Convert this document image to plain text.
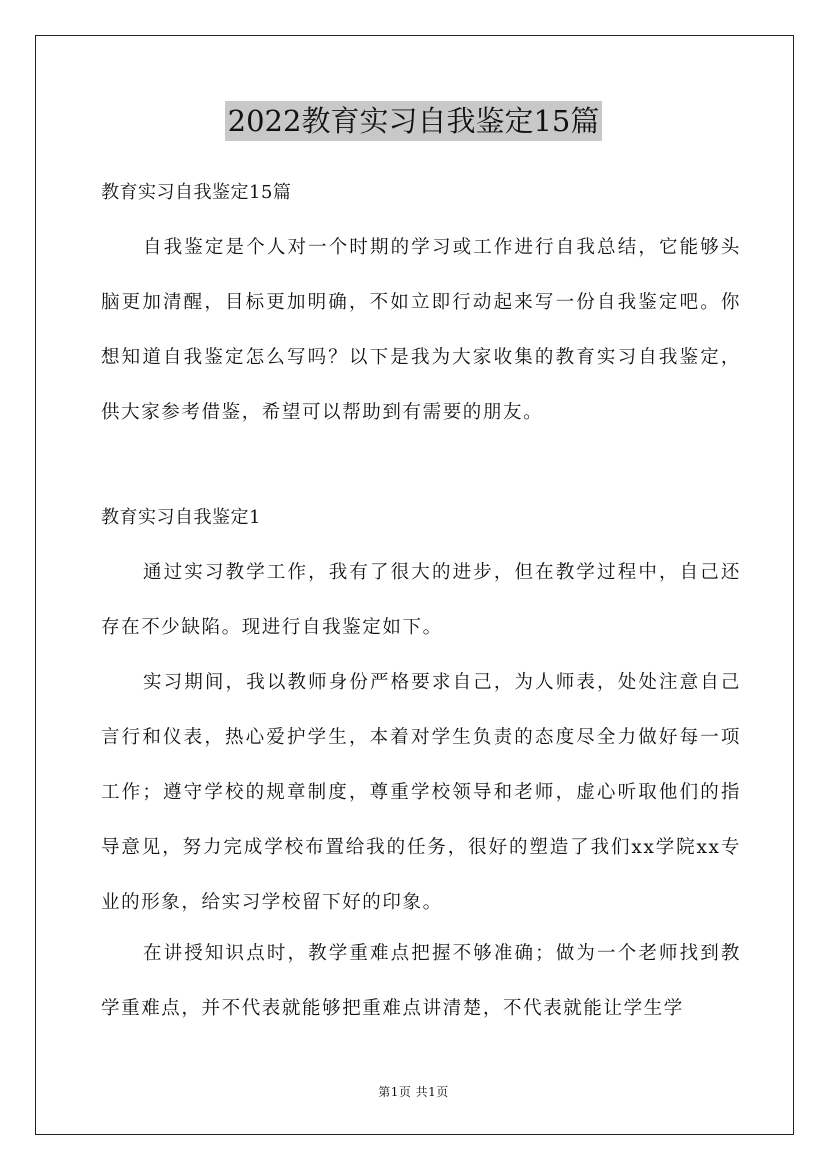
2022教育实习自我鉴定15篇
教育实习自我鉴定15篇

自我鉴定是个人对一个时期的学习或工作进行自我总结，它能够头脑更加清醒，目标更加明确，不如立即行动起来写一份自我鉴定吧。你想知道自我鉴定怎么写吗？以下是我为大家收集的教育实习自我鉴定，供大家参考借鉴，希望可以帮助到有需要的朋友。

教育实习自我鉴定1

通过实习教学工作，我有了很大的进步，但在教学过程中，自己还存在不少缺陷。现进行自我鉴定如下。

实习期间，我以教师身份严格要求自己，为人师表，处处注意自己言行和仪表，热心爱护学生，本着对学生负责的态度尽全力做好每一项工作；遵守学校的规章制度，尊重学校领导和老师，虚心听取他们的指导意见，努力完成学校布置给我的任务，很好的塑造了我们xx学院xx专业的形象，给实习学校留下好的印象。

在讲授知识点时，教学重难点把握不够准确；做为一个老师找到教学重难点，并不代表就能够把重难点讲清楚，不代表就能让学生学

第1页 共1页
